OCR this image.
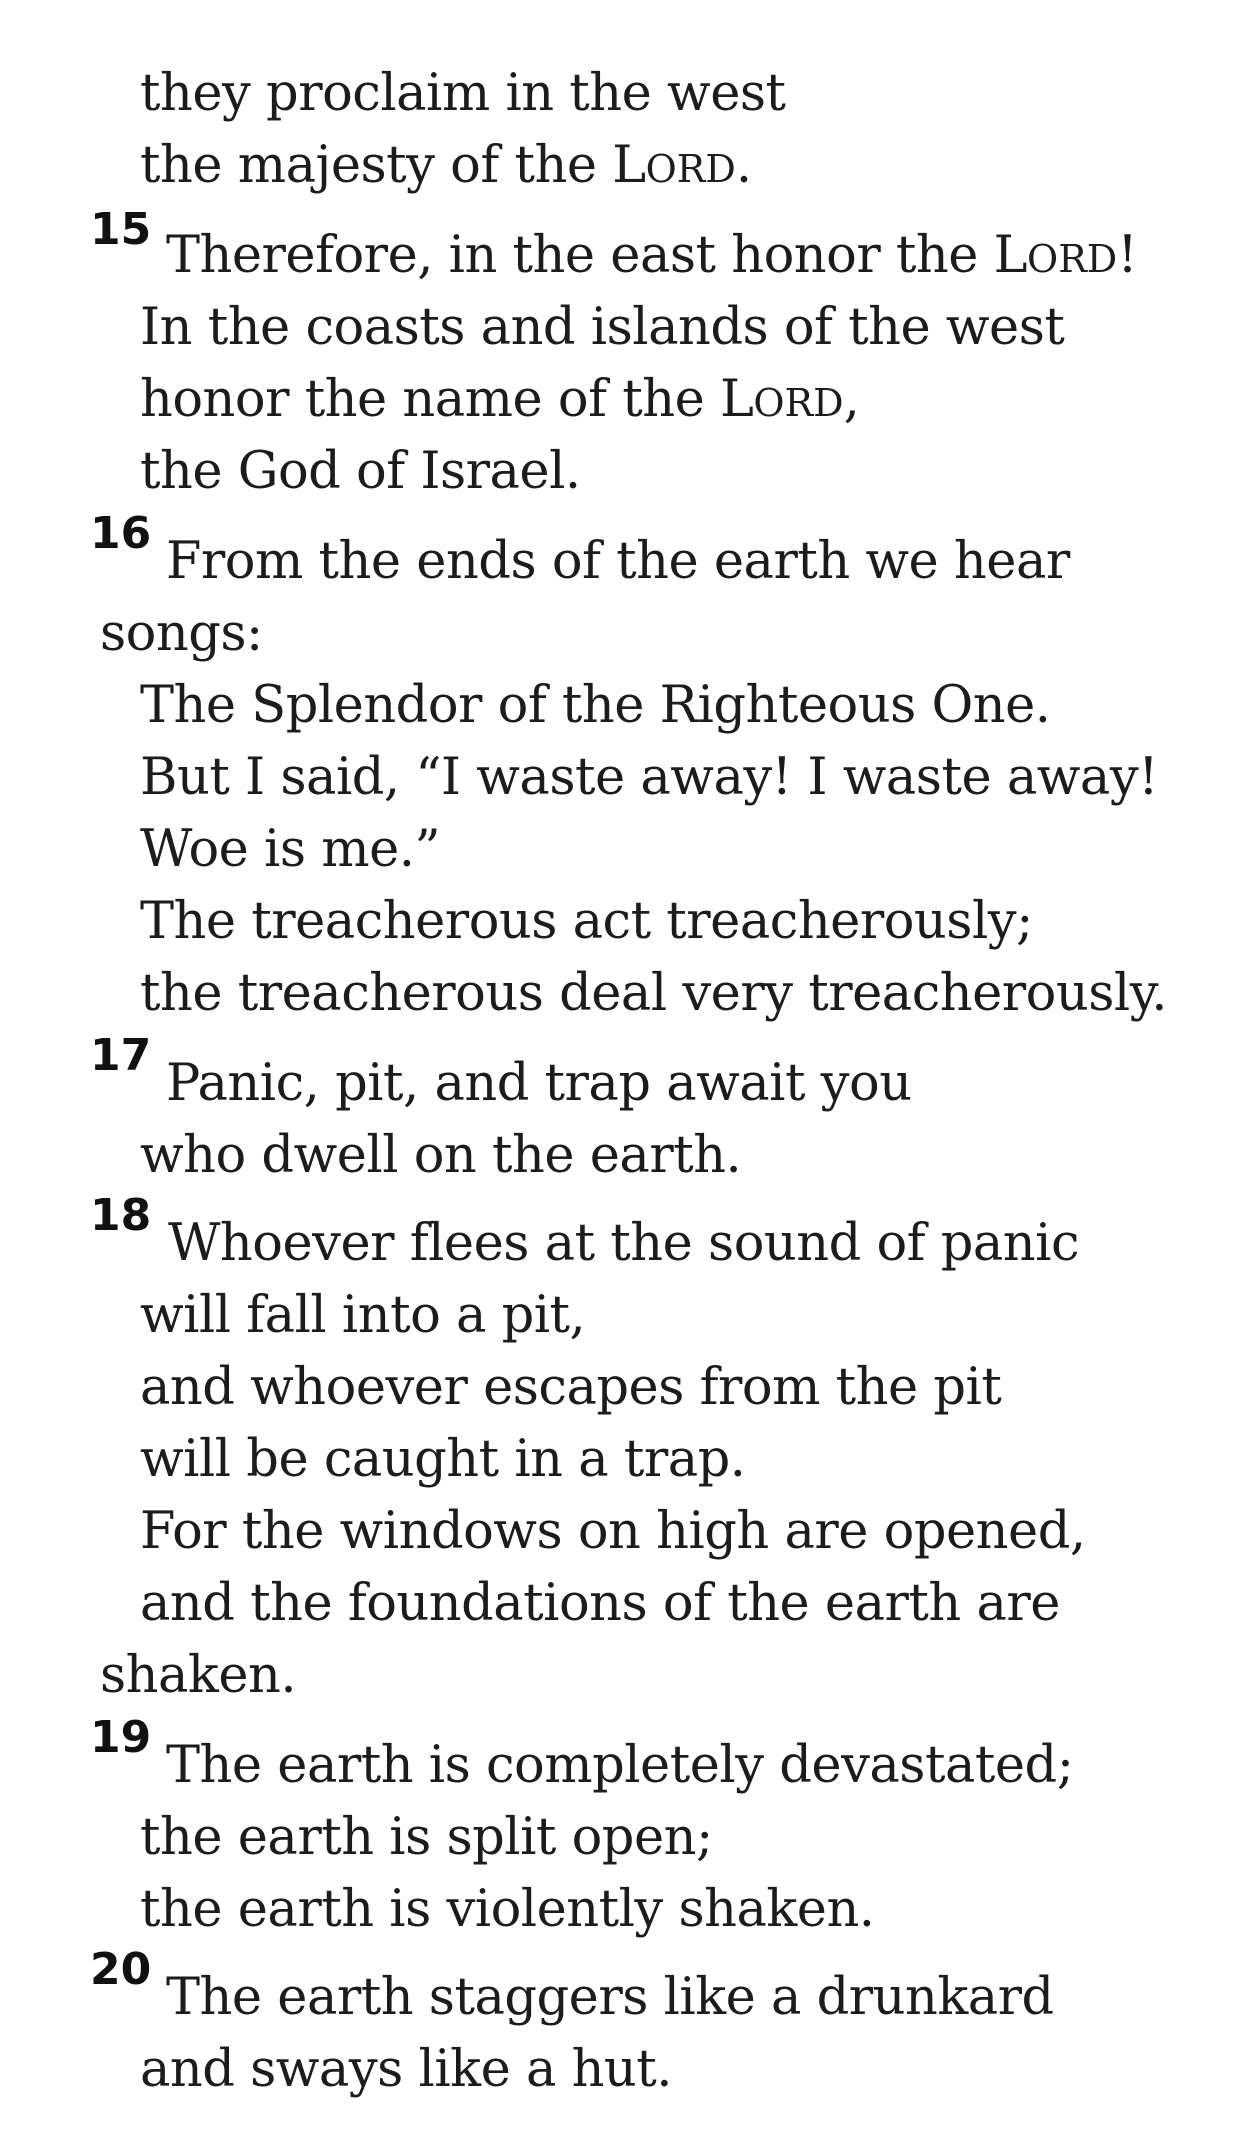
they proclaim in the west
the majesty of the LORD.
15 Therefore, in the east honor the LORD!
In the coasts and islands of the west
honor the name of the LORD,
the God of Israel.
16 From the ends of the earth we hear
songs:
The Splendor of the Righteous One.
But I said, “I waste away! I waste away!
Woe is me.”
The treacherous act treacherously;
the treacherous deal very treacherously.
17 Panic, pit, and trap await you
who dwell on the earth.
18 Whoever flees at the sound of panic
will fall into a pit,
and whoever escapes from the pit
will be caught in a trap.
For the windows on high are opened,
and the foundations of the earth are
shaken.
19 The earth is completely devastated;
the earth is split open;
the earth is violently shaken.
20 The earth staggers like a drunkard
and sways like a hut.
